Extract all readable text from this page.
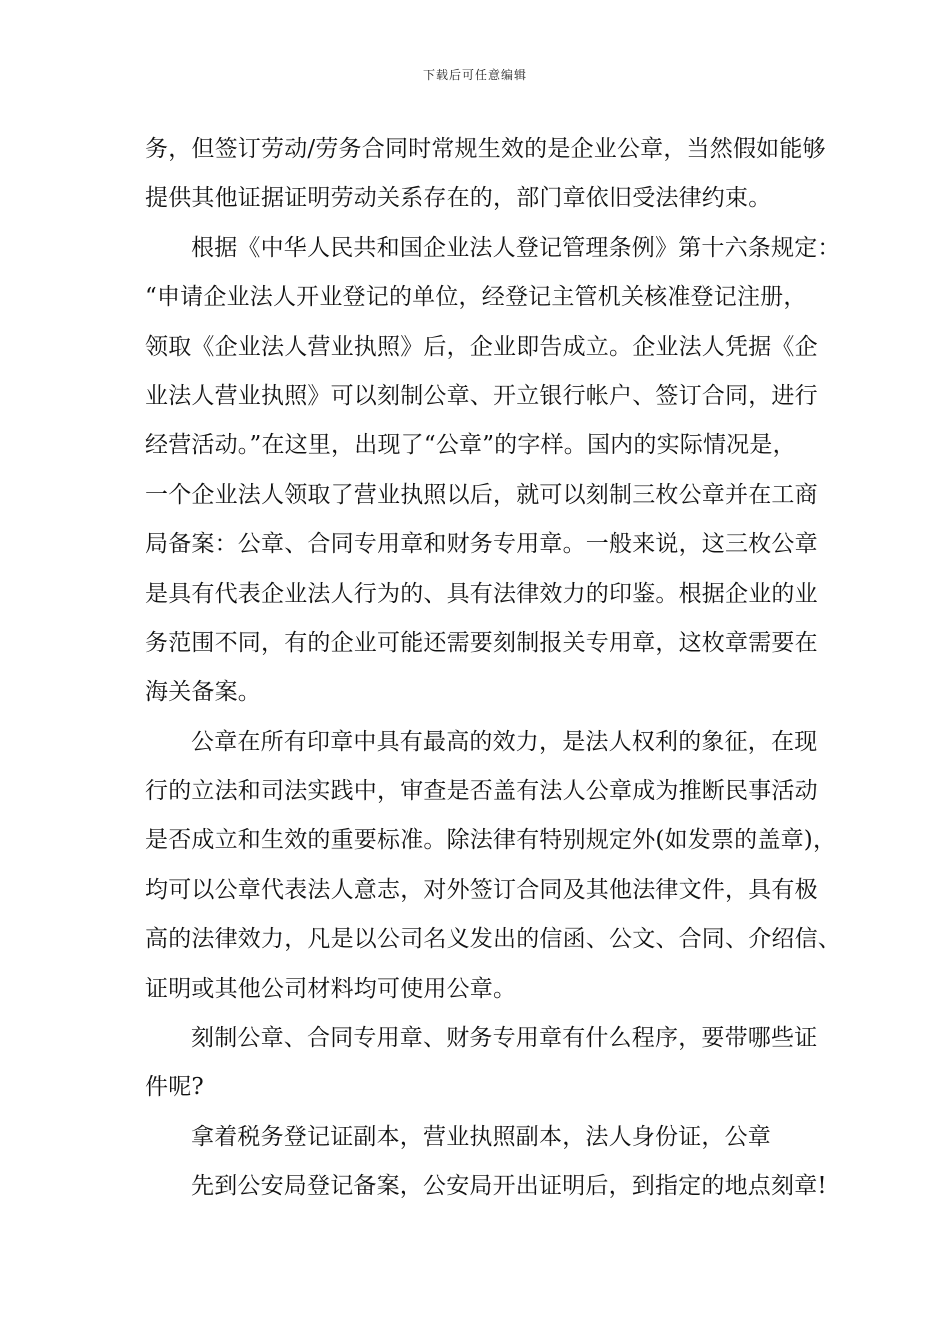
下载后可任意编辑
务，但签订劳动/劳务合同时常规生效的是企业公章，当然假如能够
提供其他证据证明劳动关系存在的，部门章依旧受法律约束。
根据《中华人民共和国企业法人登记管理条例》第十六条规定：
“申请企业法人开业登记的单位，经登记主管机关核准登记注册，
领取《企业法人营业执照》后，企业即告成立。企业法人凭据《企
业法人营业执照》可以刻制公章、开立银行帐户、签订合同，进行
经营活动。”在这里，出现了“公章”的字样。国内的实际情况是，
一个企业法人领取了营业执照以后，就可以刻制三枚公章并在工商
局备案：公章、合同专用章和财务专用章。一般来说，这三枚公章
是具有代表企业法人行为的、具有法律效力的印鉴。根据企业的业
务范围不同，有的企业可能还需要刻制报关专用章，这枚章需要在
海关备案。
公章在所有印章中具有最高的效力，是法人权利的象征，在现
行的立法和司法实践中，审查是否盖有法人公章成为推断民事活动
是否成立和生效的重要标准。除法律有特别规定外(如发票的盖章)，
均可以公章代表法人意志，对外签订合同及其他法律文件，具有极
高的法律效力，凡是以公司名义发出的信函、公文、合同、介绍信、
证明或其他公司材料均可使用公章。
刻制公章、合同专用章、财务专用章有什么程序，要带哪些证
件呢?
拿着税务登记证副本，营业执照副本，法人身份证，公章
先到公安局登记备案，公安局开出证明后，到指定的地点刻章!
